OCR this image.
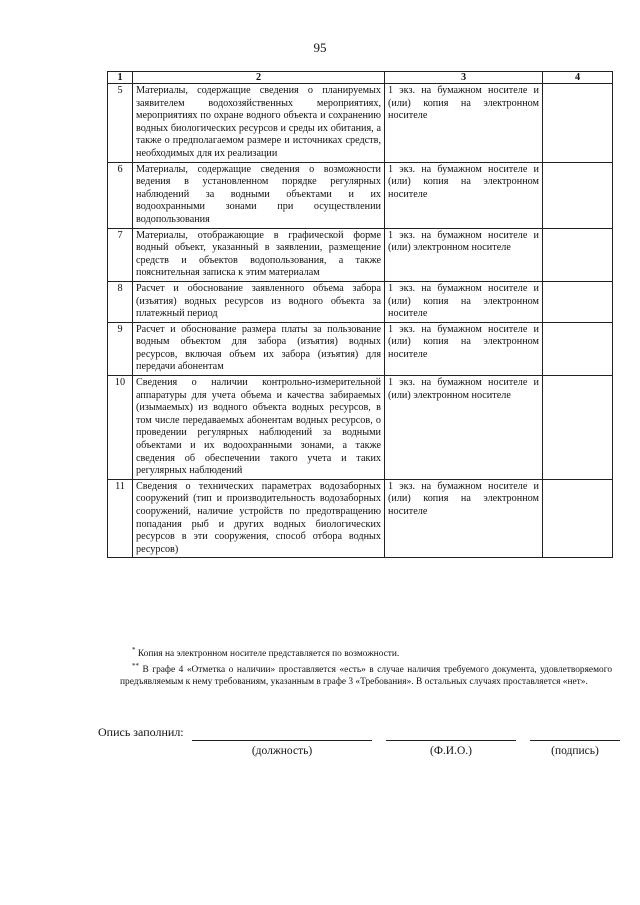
95
1	2	3	4
5	Материалы, содержащие сведения о планируемых заявителем водохозяйственных мероприятиях, мероприятиях по охране водного объекта и сохранению водных биологических ресурсов и среды их обитания, а также о предполагаемом размере и источниках средств, необходимых для их реализации	1 экз. на бумажном носителе и (или) копия на электронном носителе	
6	Материалы, содержащие сведения о возможности ведения в установленном порядке регулярных наблюдений за водными объектами и их водоохранными зонами при осуществлении водопользования	1 экз. на бумажном носителе и (или) копия на электронном носителе	
7	Материалы, отображающие в графической форме водный объект, указанный в заявлении, размещение средств и объектов водопользования, а также пояснительная записка к этим материалам	1 экз. на бумажном носителе и (или) электронном носителе	
8	Расчет и обоснование заявленного объема забора (изъятия) водных ресурсов из водного объекта за платежный период	1 экз. на бумажном носителе и (или) копия на электронном носителе	
9	Расчет и обоснование размера платы за пользование водным объектом для забора (изъятия) водных ресурсов, включая объем их забора (изъятия) для передачи абонентам	1 экз. на бумажном носителе и (или) копия на электронном носителе	
10	Сведения о наличии контрольно-измерительной аппаратуры для учета объема и качества забираемых (изымаемых) из водного объекта водных ресурсов, в том числе передаваемых абонентам водных ресурсов, о проведении регулярных наблюдений за водными объектами и их водоохранными зонами, а также сведения об обеспечении такого учета и таких регулярных наблюдений	1 экз. на бумажном носителе и (или) электронном носителе	
11	Сведения о технических параметрах водозаборных сооружений (тип и производительность водозаборных сооружений, наличие устройств по предотвращению попадания рыб и других водных биологических ресурсов в эти сооружения, способ отбора водных ресурсов)	1 экз. на бумажном носителе и (или) копия на электронном носителе	

* Копия на электронном носителе представляется по возможности.

** В графе 4 «Отметка о наличии» проставляется «есть» в случае наличия требуемого документа, удовлетворяемого предъявляемым к нему требованиям, указанным в графе 3 «Требования». В остальных случаях проставляется «нет».

Опись заполнил:
(должность)	(Ф.И.О.)	(подпись)
